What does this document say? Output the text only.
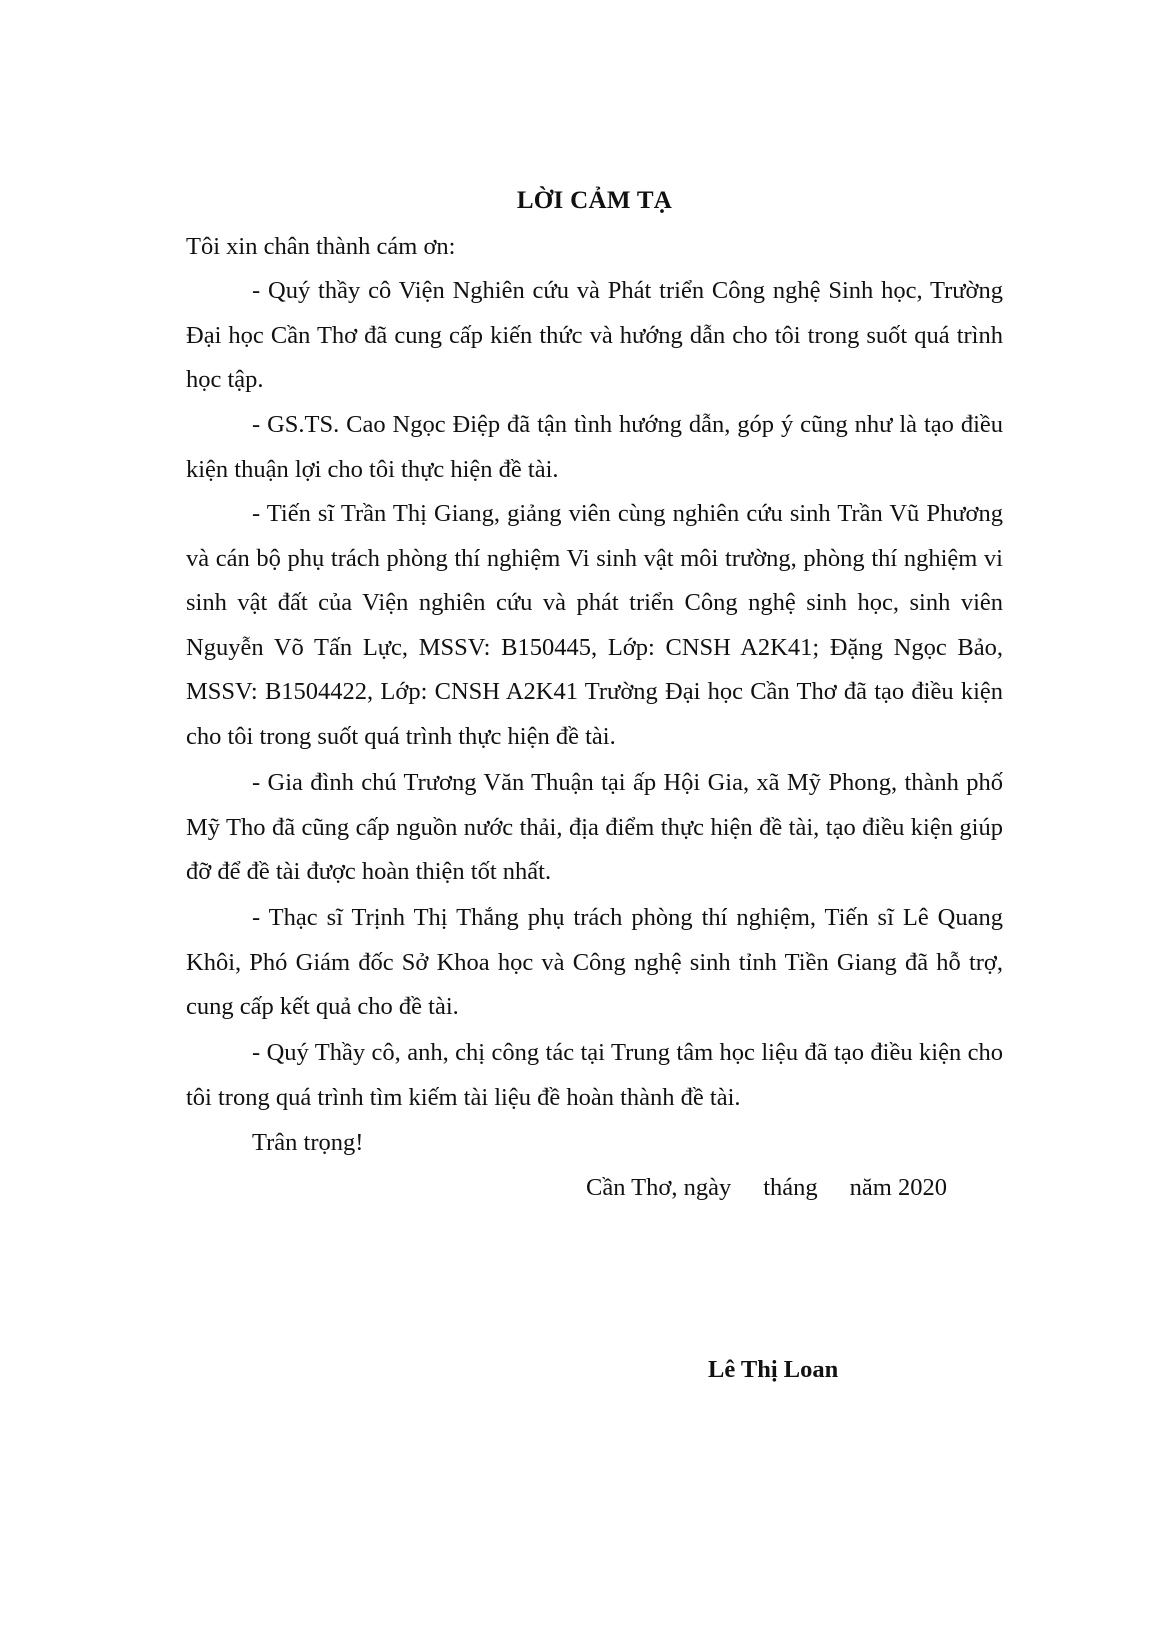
LỜI CẢM TẠ
Tôi xin chân thành cám ơn:

- Quý thầy cô Viện Nghiên cứu và Phát triển Công nghệ Sinh học, Trường Đại học Cần Thơ đã cung cấp kiến thức và hướng dẫn cho tôi trong suốt quá trình học tập.

- GS.TS. Cao Ngọc Điệp đã tận tình hướng dẫn, góp ý cũng như là tạo điều kiện thuận lợi cho tôi thực hiện đề tài.

- Tiến sĩ Trần Thị Giang, giảng viên cùng nghiên cứu sinh Trần Vũ Phương và cán bộ phụ trách phòng thí nghiệm Vi sinh vật môi trường, phòng thí nghiệm vi sinh vật đất của Viện nghiên cứu và phát triển Công nghệ sinh học, sinh viên Nguyễn Võ Tấn Lực, MSSV: B150445, Lớp: CNSH A2K41; Đặng Ngọc Bảo, MSSV: B1504422, Lớp: CNSH A2K41 Trường Đại học Cần Thơ đã tạo điều kiện cho tôi trong suốt quá trình thực hiện đề tài.

- Gia đình chú Trương Văn Thuận tại ấp Hội Gia, xã Mỹ Phong, thành phố Mỹ Tho đã cũng cấp nguồn nước thải, địa điểm thực hiện đề tài, tạo điều kiện giúp đỡ để đề tài được hoàn thiện tốt nhất.

- Thạc sĩ Trịnh Thị Thắng phụ trách phòng thí nghiệm, Tiến sĩ Lê Quang Khôi, Phó Giám đốc Sở Khoa học và Công nghệ sinh tỉnh Tiền Giang đã hỗ trợ, cung cấp kết quả cho đề tài.

- Quý Thầy cô, anh, chị công tác tại Trung tâm học liệu đã tạo điều kiện cho tôi trong quá trình tìm kiếm tài liệu đề hoàn thành đề tài.

Trân trọng!
Cần Thơ, ngày tháng năm 2020
Lê Thị Loan
